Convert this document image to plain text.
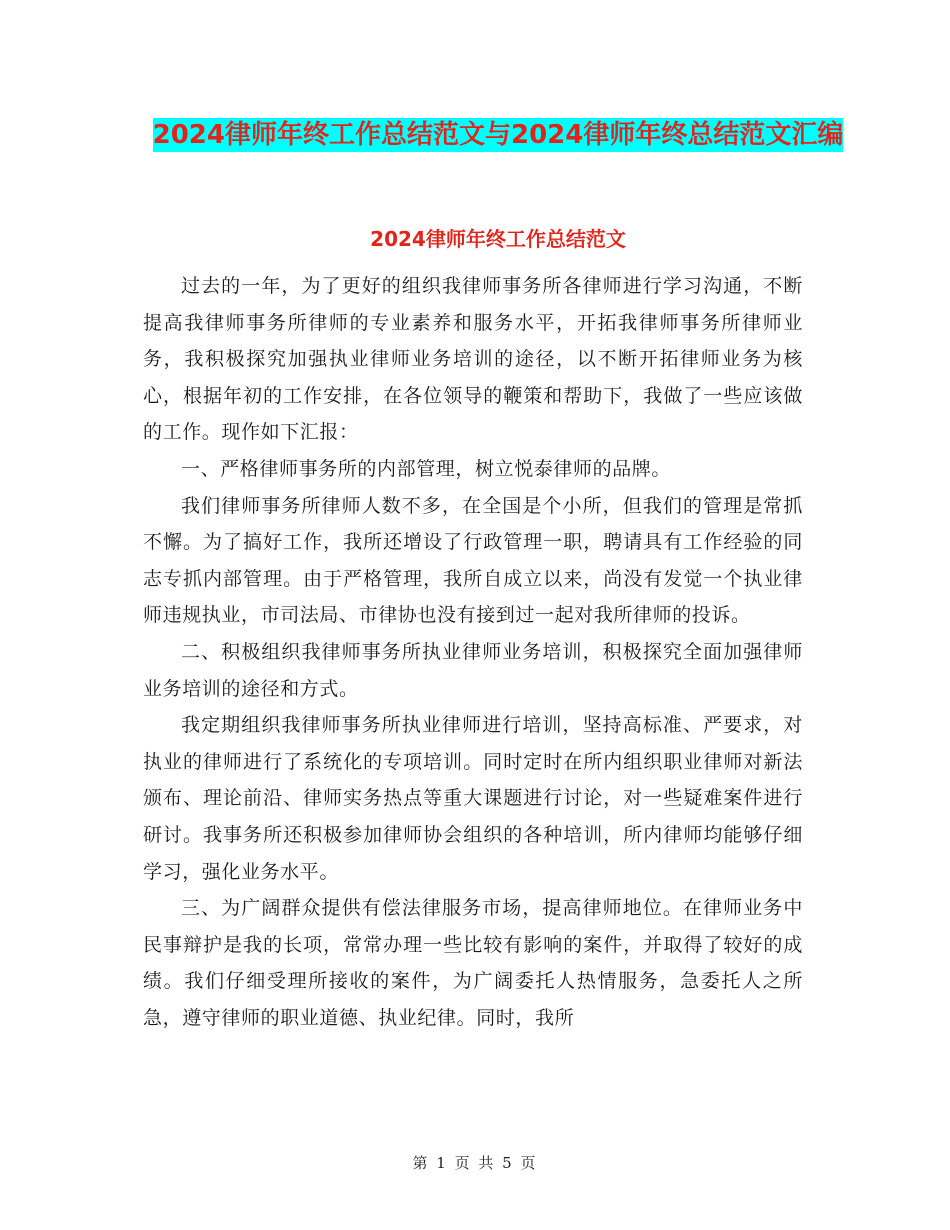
2024律师年终工作总结范文与2024律师年终总结范文汇编
2024律师年终工作总结范文

过去的一年，为了更好的组织我律师事务所各律师进行学习沟通，不断提高我律师事务所律师的专业素养和服务水平，开拓我律师事务所律师业务，我积极探究加强执业律师业务培训的途径，以不断开拓律师业务为核心，根据年初的工作安排，在各位领导的鞭策和帮助下，我做了一些应该做的工作。现作如下汇报：

一、严格律师事务所的内部管理，树立悦泰律师的品牌。

我们律师事务所律师人数不多，在全国是个小所，但我们的管理是常抓不懈。为了搞好工作，我所还增设了行政管理一职，聘请具有工作经验的同志专抓内部管理。由于严格管理，我所自成立以来，尚没有发觉一个执业律师违规执业，市司法局、市律协也没有接到过一起对我所律师的投诉。

二、积极组织我律师事务所执业律师业务培训，积极探究全面加强律师业务培训的途径和方式。

我定期组织我律师事务所执业律师进行培训，坚持高标准、严要求，对执业的律师进行了系统化的专项培训。同时定时在所内组织职业律师对新法颁布、理论前沿、律师实务热点等重大课题进行讨论，对一些疑难案件进行研讨。我事务所还积极参加律师协会组织的各种培训，所内律师均能够仔细学习，强化业务水平。

三、为广阔群众提供有偿法律服务市场，提高律师地位。在律师业务中民事辩护是我的长项，常常办理一些比较有影响的案件，并取得了较好的成绩。我们仔细受理所接收的案件，为广阔委托人热情服务，急委托人之所急，遵守律师的职业道德、执业纪律。同时，我所

第 1 页 共 5 页
